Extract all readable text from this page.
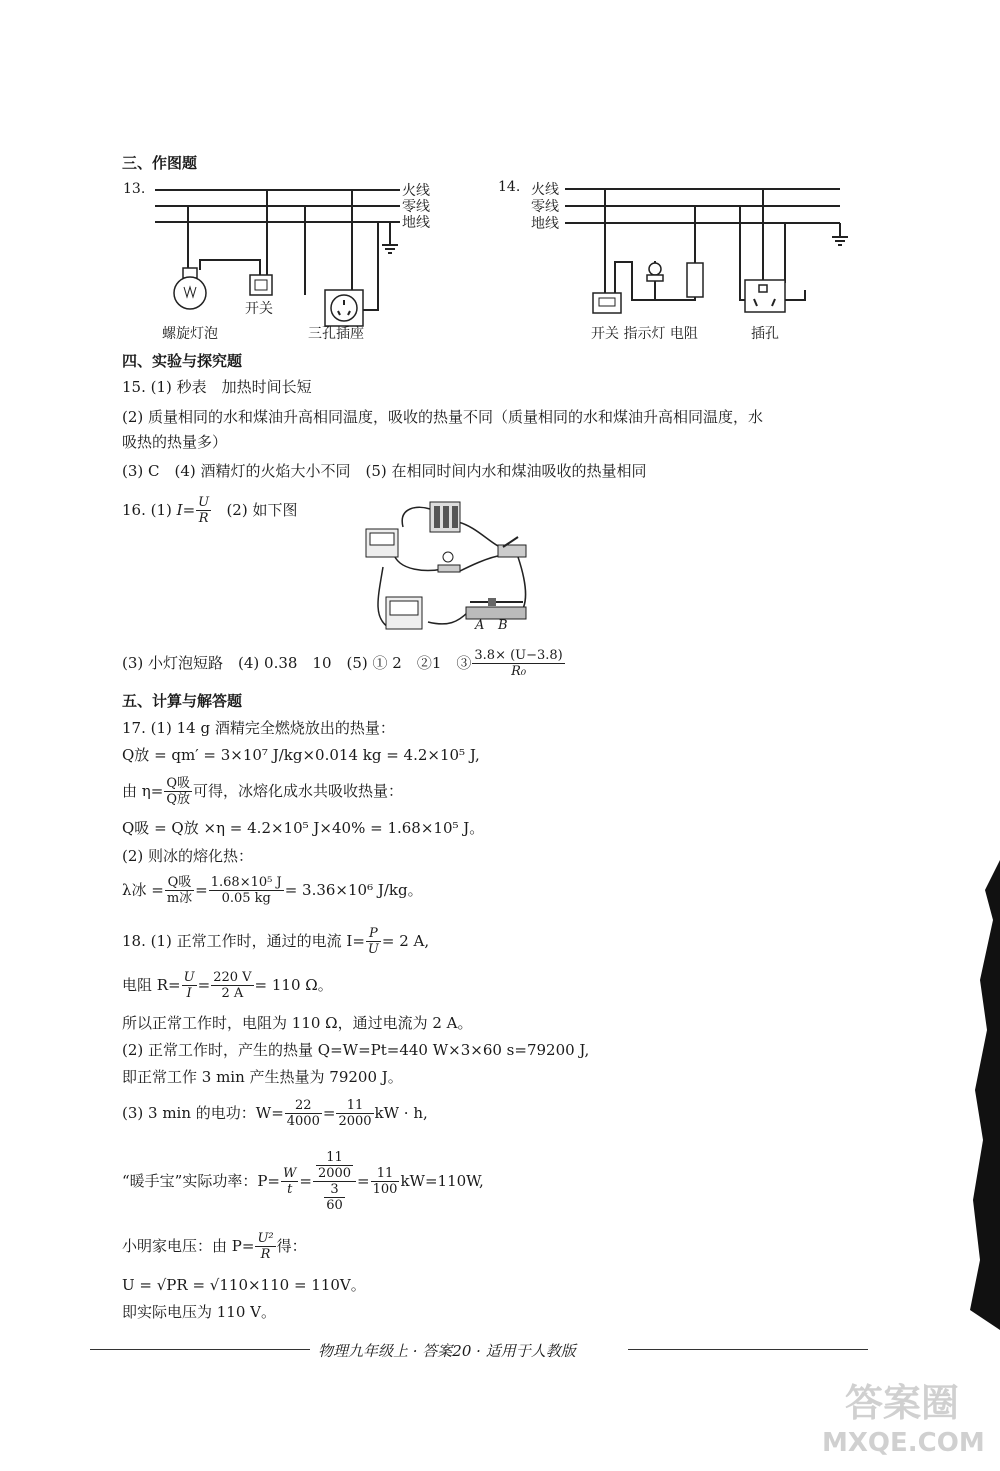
三、作图题
13.	火线
零线
地线
开关
螺旋灯泡	三孔插座
14. 火线
零线
地线
开关 指示灯 电阻	插孔
四、实验与探究题
15. (1) 秒表　加热时间长短
(2) 质量相同的水和煤油升高相同温度，吸收的热量不同（质量相同的水和煤油升高相同温度，水
吸热的热量多）
(3) C　(4) 酒精灯的火焰大小不同　(5) 在相同时间内水和煤油吸收的热量相同
16. (1)
$I= \frac{U}{R}$
(2) 如下图
A B
(3) 小灯泡短路　(4) 0.38　10　(5) ① 2　②1　③ $\frac{3.8\times (U-3.8)}{\text{R₀}}$
五、计算与解答题
17. (1) 14 g 酒精完全燃烧放出的热量：
Q放 = qm′ = 3×10⁷ J/kg×0.014 kg = 4.2×10⁵ J,
由 $\eta= \frac{\text{Q吸}}{\text{Q放}}$ 可得，冰熔化成水共吸收热量：
Q吸 = Q放 ×η = 4.2×10⁵ J×40% = 1.68×10⁵ J。
(2) 则冰的熔化热：
λ冰 = $\frac{\text{Q吸}}{\text{m冰}} = \frac{\text{1.68×10⁵ J}}{0.05 kg} = 3.36\times 10^6$ J/kg。
18. (1) 正常工作时，通过的电流 $I= \frac{P}{U} = 2$ A,
电阻 $R= \frac{U}{I} = \frac{220 V}{2 A} = 110$ Ω。
所以正常工作时，电阻为 110 Ω，通过电流为 2 A。
(2) 正常工作时，产生的热量 Q=W=Pt=440 W×3×60 s=79200 J,
即正常工作 3 min 产生热量为 79200 J。
(3) 3 min 的电功：$W= \frac{22}{4000} = \frac{11}{2000}$ kW · h,
“暖手宝”实际功率：$P= \frac{W}{t} = \frac{\frac{11}{2000}}{\frac{3}{60}} = \frac{11}{100} kW=110W$,
小明家电压：由 $P= \frac{\text{U²}}{R}$ 得：
U = √PR = √110×110 = 110V。
即实际电压为 110 V。
物理九年级上 · 答案20 · 适用于人教版
答案圈
MXQE.COM
